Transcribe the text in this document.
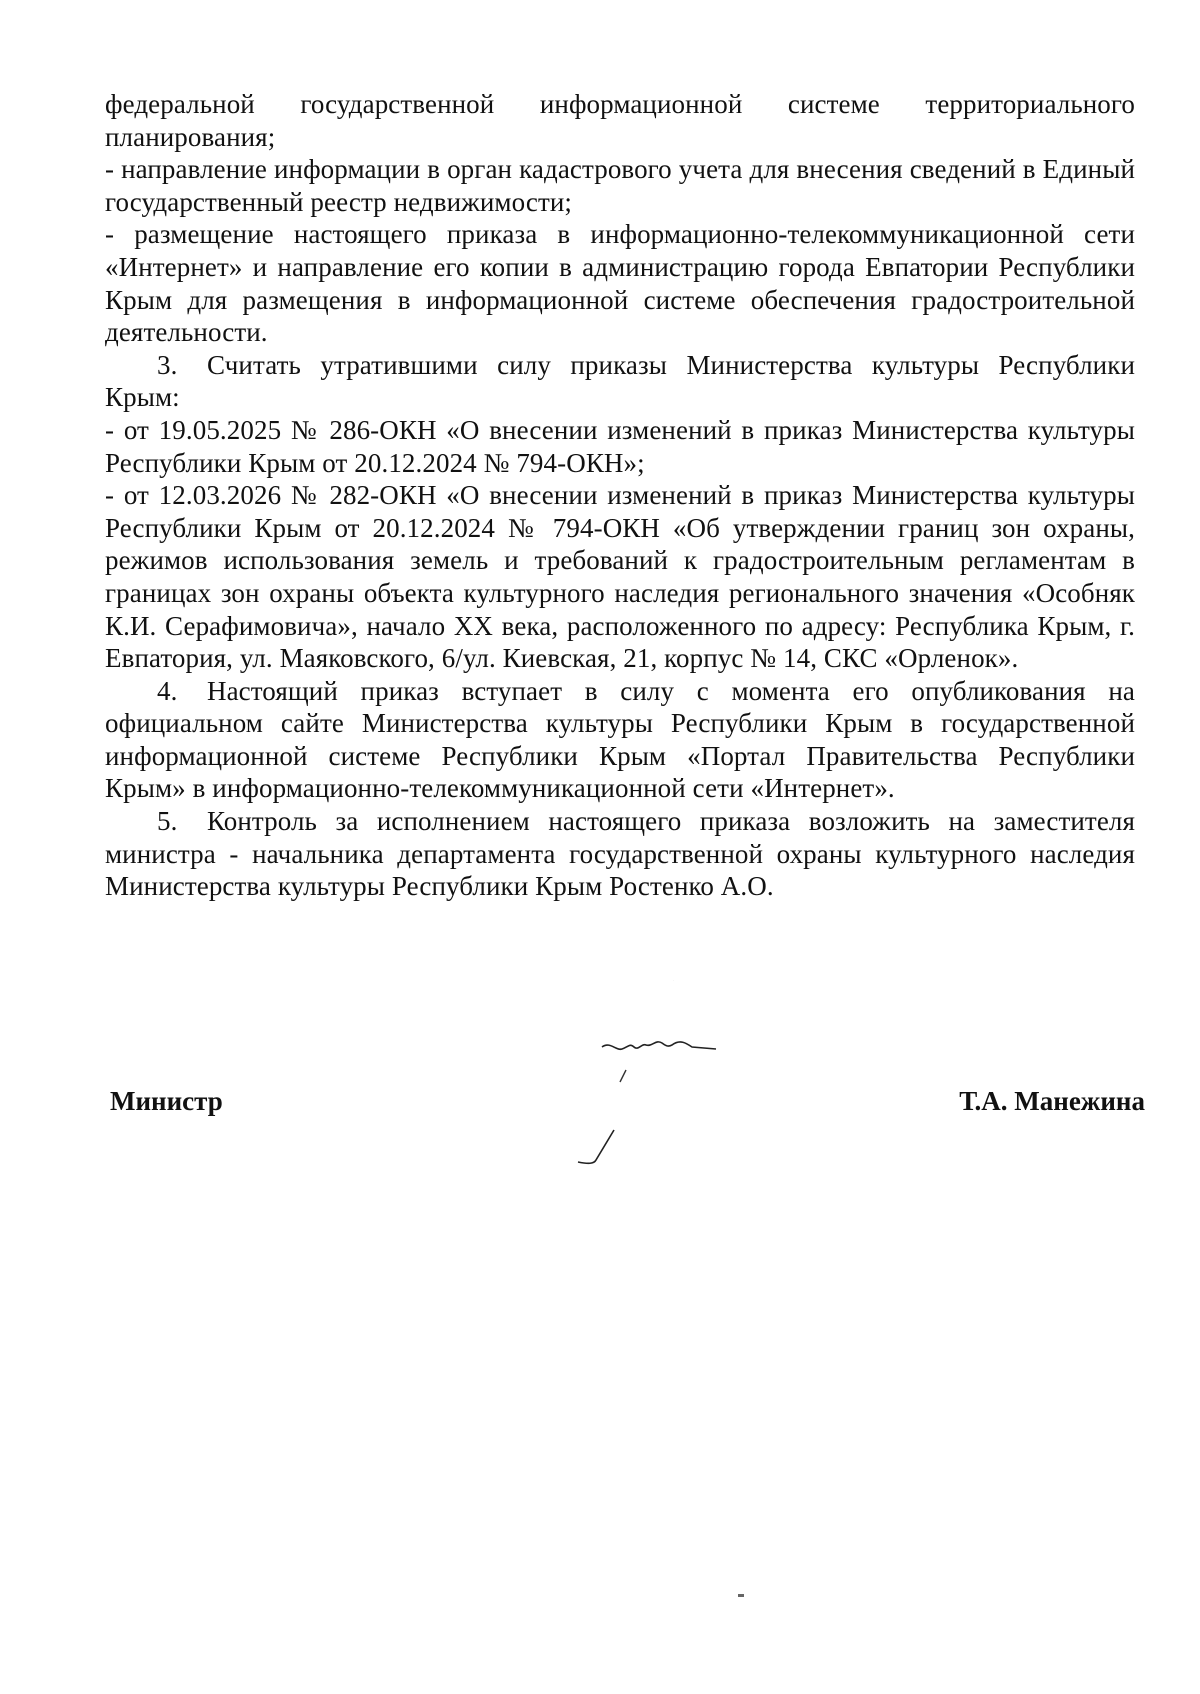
федеральной государственной информационной системе территориального планирования;

- направление информации в орган кадастрового учета для внесения сведений в Единый государственный реестр недвижимости;

- размещение настоящего приказа в информационно-телекоммуникационной сети «Интернет» и направление его копии в администрацию города Евпатории Республики Крым для размещения в информационной системе обеспечения градостроительной деятельности.

3. Считать утратившими силу приказы Министерства культуры Республики Крым:

- от 19.05.2025 № 286-ОКН «О внесении изменений в приказ Министерства культуры Республики Крым от 20.12.2024 № 794-ОКН»;

- от 12.03.2026 № 282-ОКН «О внесении изменений в приказ Министерства культуры Республики Крым от 20.12.2024 № 794-ОКН «Об утверждении границ зон охраны, режимов использования земель и требований к градостроительным регламентам в границах зон охраны объекта культурного наследия регионального значения «Особняк К.И. Серафимовича», начало XX века, расположенного по адресу: Республика Крым, г. Евпатория, ул. Маяковского, 6/ул. Киевская, 21, корпус № 14, СКС «Орленок».

4. Настоящий приказ вступает в силу с момента его опубликования на официальном сайте Министерства культуры Республики Крым в государственной информационной системе Республики Крым «Портал Правительства Республики Крым» в информационно-телекоммуникационной сети «Интернет».

5. Контроль за исполнением настоящего приказа возложить на заместителя министра - начальника департамента государственной охраны культурного наследия Министерства культуры Республики Крым Ростенко А.О.

Министр	Т.А. Манежина
